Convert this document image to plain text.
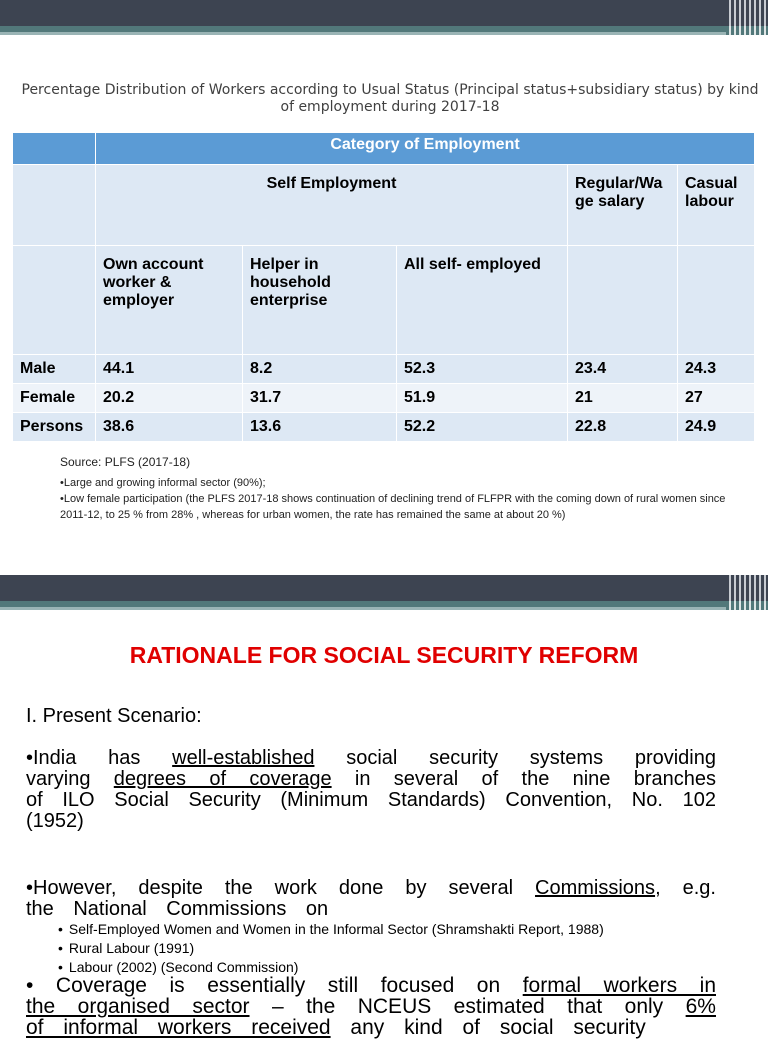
Percentage Distribution of Workers according to Usual Status (Principal status+subsidiary status) by kind of employment during 2017-18
	Category of Employment				
	Self Employment			Regular/Wa ge salary	Casual labour
	Own account worker & employer	Helper in household enterprise	All self- employed		
Male	44.1	8.2	52.3	23.4	24.3
Female	20.2	31.7	51.9	21	27
Persons	38.6	13.6	52.2	22.8	24.9
Source: PLFS (2017-18)
•Large and growing informal sector (90%);
•Low female participation (the PLFS 2017-18 shows continuation of declining trend of FLFPR with the coming down of rural women since 2011-12, to 25 % from 28% , whereas for urban women, the rate has remained the same at about 20 %)
RATIONALE FOR SOCIAL SECURITY REFORM
I. Present Scenario:
•India has well-established social security systems providing varying degrees of coverage in several of the nine branches of ILO Social Security (Minimum Standards) Convention, No. 102 (1952)
•However, despite the work done by several Commissions, e.g. the National Commissions on
• Self-Employed Women and Women in the Informal Sector (Shramshakti Report, 1988)
• Rural Labour (1991)
• Labour (2002) (Second Commission)
• Coverage is essentially still focused on formal workers in the organised sector – the NCEUS estimated that only 6% of informal workers received any kind of social security
